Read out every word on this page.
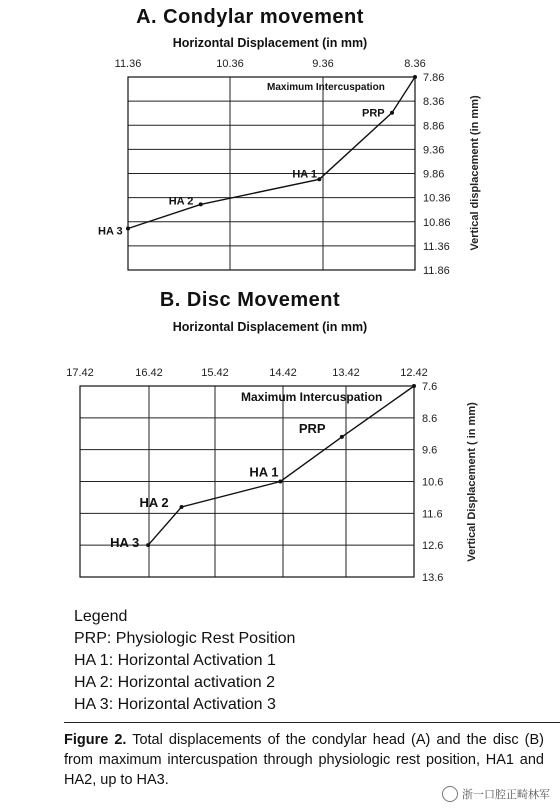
A. Condylar movement
Horizontal Displacement (in mm)
7.86
8.36
8.86
9.36
9.86
10.36
10.86
11.36
11.86
11.36	10.36	9.36	8.36
Maximum Intercuspation
PRP
HA 1
HA 2
HA 3	Vertical displacement (in mm)
B. Disc Movement
Horizontal Displacement (in mm)
7.6
8.6
9.6
10.6
11.6
12.6
13.6
17.42	16.42	15.42	14.42	13.42	12.42
Maximum Intercuspation
PRP
HA 1
HA 2
HA 3	Vertical Displacement ( in mm)
Legend
PRP: Physiologic Rest Position
HA 1: Horizontal Activation 1
HA 2: Horizontal activation 2
HA 3: Horizontal Activation 3
Figure 2. Total displacements of the condylar head (A) and the disc (B) from maximum intercuspation through physiologic rest position, HA1 and HA2, up to HA3.
浙一口腔正畸林军
